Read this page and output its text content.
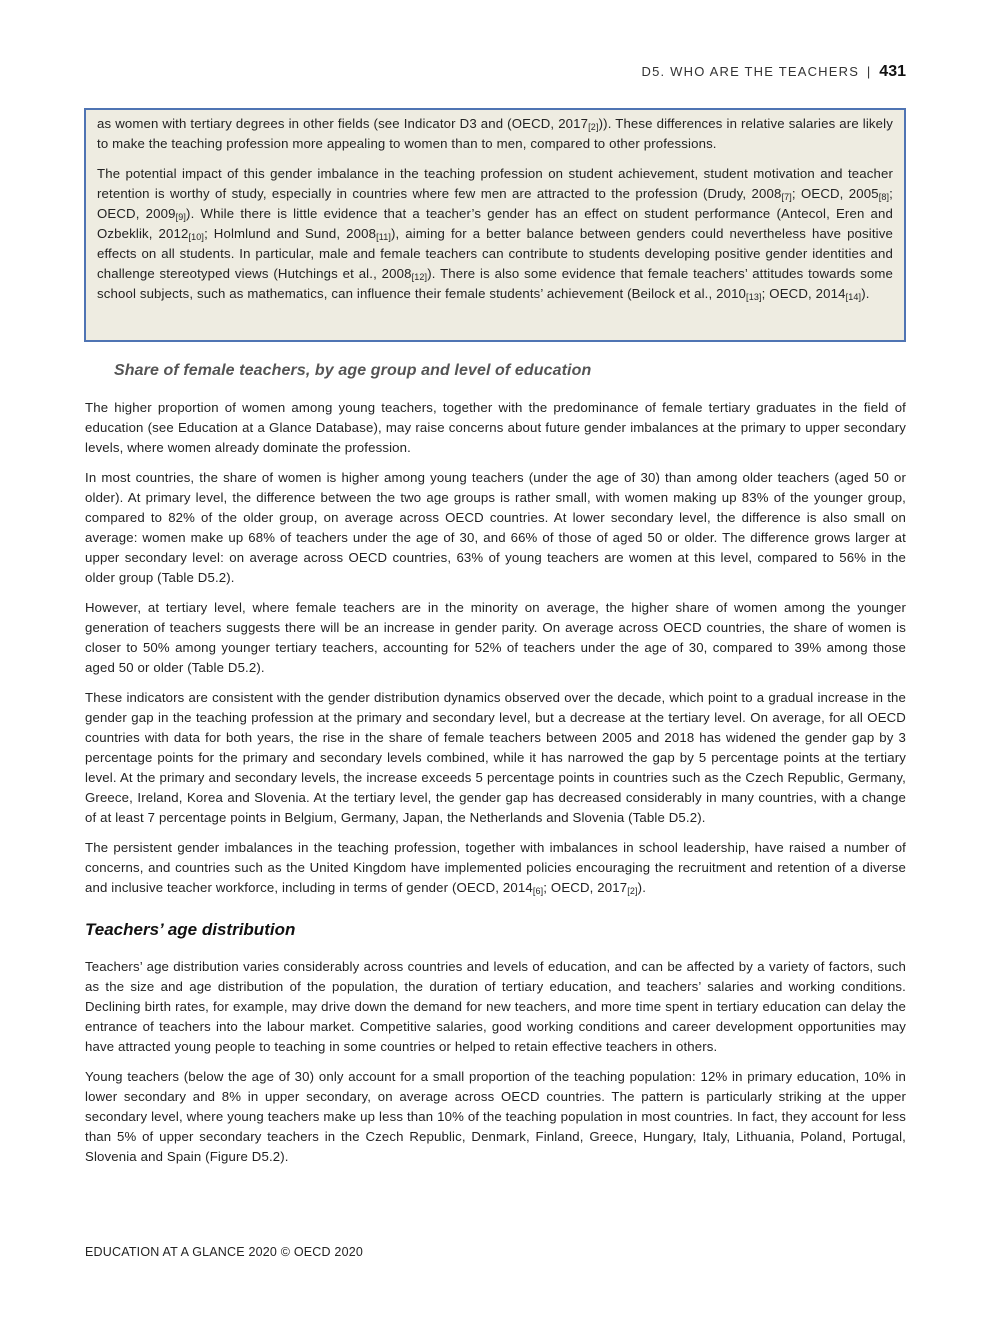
D5. WHO ARE THE TEACHERS | 431

as women with tertiary degrees in other fields (see Indicator D3 and (OECD, $2017_{[2]}$)). These differences in relative salaries are likely to make the teaching profession more appealing to women than to men, compared to other professions.

The potential impact of this gender imbalance in the teaching profession on student achievement, student motivation and teacher retention is worthy of study, especially in countries where few men are attracted to the profession (Drudy, $2008_{[7]}$; OECD, $2005_{[8]}$; OECD, $2009_{[9]}$). While there is little evidence that a teacher’s gender has an effect on student performance (Antecol, Eren and Ozbeklik, $2012_{[10]}$; Holmlund and Sund, $2008_{[11]}$), aiming for a better balance between genders could nevertheless have positive effects on all students. In particular, male and female teachers can contribute to students developing positive gender identities and challenge stereotyped views (Hutchings et al., $2008_{[12]}$). There is also some evidence that female teachers’ attitudes towards some school subjects, such as mathematics, can influence their female students’ achievement (Beilock et al., $2010_{[13]}$; OECD, $2014_{[14]}$).

Share of female teachers, by age group and level of education

The higher proportion of women among young teachers, together with the predominance of female tertiary graduates in the field of education (see Education at a Glance Database), may raise concerns about future gender imbalances at the primary to upper secondary levels, where women already dominate the profession.

In most countries, the share of women is higher among young teachers (under the age of 30) than among older teachers (aged 50 or older). At primary level, the difference between the two age groups is rather small, with women making up 83% of the younger group, compared to 82% of the older group, on average across OECD countries. At lower secondary level, the difference is also small on average: women make up 68% of teachers under the age of 30, and 66% of those of aged 50 or older. The difference grows larger at upper secondary level: on average across OECD countries, 63% of young teachers are women at this level, compared to 56% in the older group (Table D5.2).

However, at tertiary level, where female teachers are in the minority on average, the higher share of women among the younger generation of teachers suggests there will be an increase in gender parity. On average across OECD countries, the share of women is closer to 50% among younger tertiary teachers, accounting for 52% of teachers under the age of 30, compared to 39% among those aged 50 or older (Table D5.2).

These indicators are consistent with the gender distribution dynamics observed over the decade, which point to a gradual increase in the gender gap in the teaching profession at the primary and secondary level, but a decrease at the tertiary level. On average, for all OECD countries with data for both years, the rise in the share of female teachers between 2005 and 2018 has widened the gender gap by 3 percentage points for the primary and secondary levels combined, while it has narrowed the gap by 5 percentage points at the tertiary level. At the primary and secondary levels, the increase exceeds 5 percentage points in countries such as the Czech Republic, Germany, Greece, Ireland, Korea and Slovenia. At the tertiary level, the gender gap has decreased considerably in many countries, with a change of at least 7 percentage points in Belgium, Germany, Japan, the Netherlands and Slovenia (Table D5.2).

The persistent gender imbalances in the teaching profession, together with imbalances in school leadership, have raised a number of concerns, and countries such as the United Kingdom have implemented policies encouraging the recruitment and retention of a diverse and inclusive teacher workforce, including in terms of gender (OECD, $2014_{[6]}$; OECD, $2017_{[2]}$).

Teachers’ age distribution

Teachers’ age distribution varies considerably across countries and levels of education, and can be affected by a variety of factors, such as the size and age distribution of the population, the duration of tertiary education, and teachers’ salaries and working conditions. Declining birth rates, for example, may drive down the demand for new teachers, and more time spent in tertiary education can delay the entrance of teachers into the labour market. Competitive salaries, good working conditions and career development opportunities may have attracted young people to teaching in some countries or helped to retain effective teachers in others.

Young teachers (below the age of 30) only account for a small proportion of the teaching population: 12% in primary education, 10% in lower secondary and 8% in upper secondary, on average across OECD countries. The pattern is particularly striking at the upper secondary level, where young teachers make up less than 10% of the teaching population in most countries. In fact, they account for less than 5% of upper secondary teachers in the Czech Republic, Denmark, Finland, Greece, Hungary, Italy, Lithuania, Poland, Portugal, Slovenia and Spain (Figure D5.2).

EDUCATION AT A GLANCE 2020 © OECD 2020
